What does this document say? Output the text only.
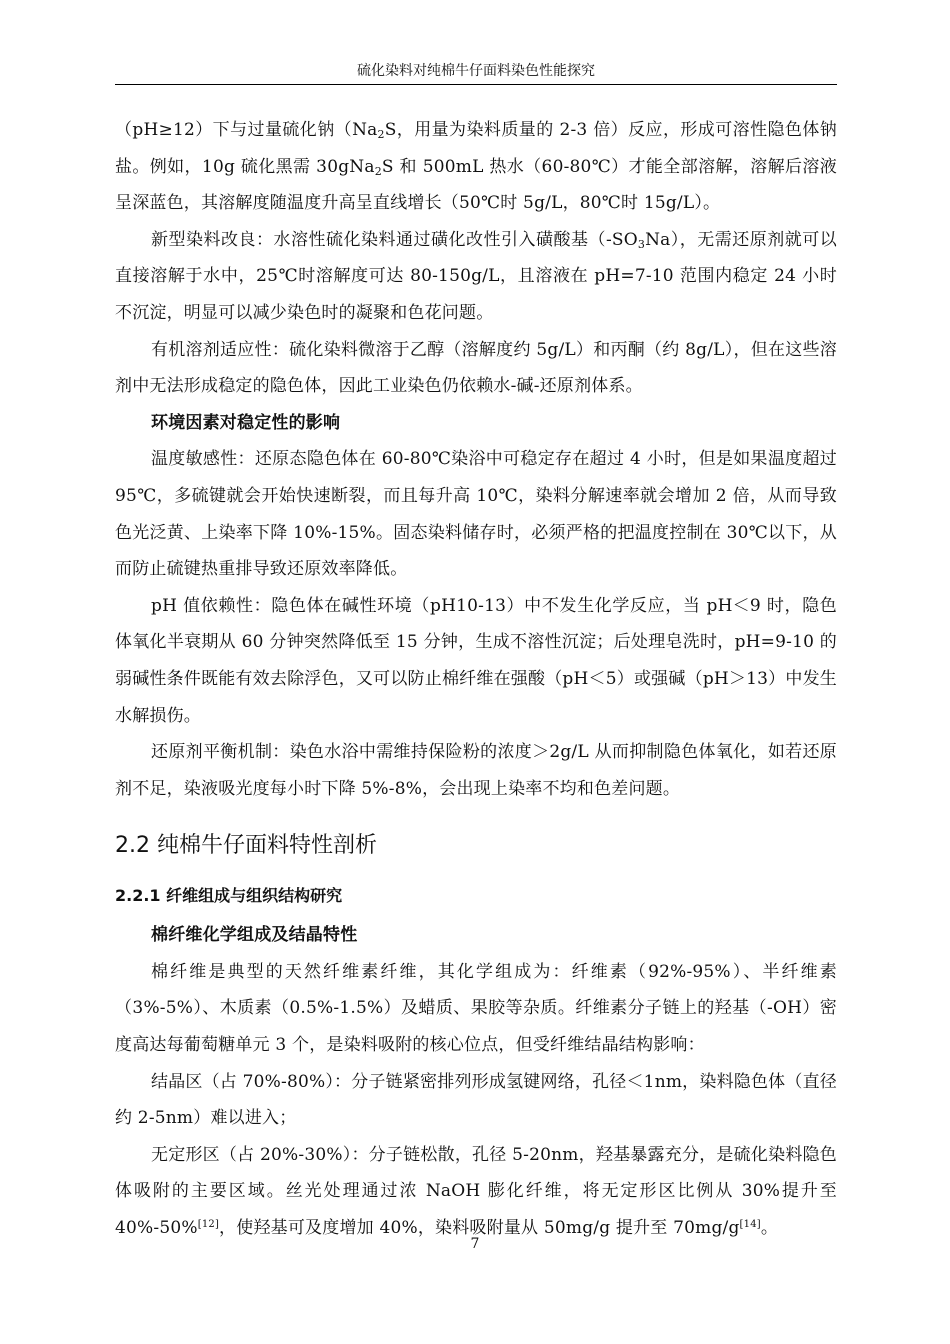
硫化染料对纯棉牛仔面料染色性能探究

（pH≥12）下与过量硫化钠（$Na_2S$，用量为染料质量的 2-3 倍）反应，形成可溶性隐色体钠盐。例如，10g 硫化黑需 30gNa$_2$S 和 500mL 热水（60-80℃）才能全部溶解，溶解后溶液呈深蓝色，其溶解度随温度升高呈直线增长（50℃时 5g/L，80℃时 15g/L）。

新型染料改良：水溶性硫化染料通过磺化改性引入磺酸基$(-SO_3Na)$，无需还原剂就可以直接溶解于水中，25℃时溶解度可达 80-150g/L，且溶液在 pH=7-10 范围内稳定 24 小时不沉淀，明显可以减少染色时的凝聚和色花问题。

有机溶剂适应性：硫化染料微溶于乙醇（溶解度约 5g/L）和丙酮（约 8g/L），但在这些溶剂中无法形成稳定的隐色体，因此工业染色仍依赖水-碱-还原剂体系。

环境因素对稳定性的影响

温度敏感性：还原态隐色体在 60-80℃染浴中可稳定存在超过 4 小时，但是如果温度超过 95℃，多硫键就会开始快速断裂，而且每升高 10℃，染料分解速率就会增加 2 倍，从而导致色光泛黄、上染率下降 10%-15%。固态染料储存时，必须严格的把温度控制在 30℃以下，从而防止硫键热重排导致还原效率降低。

pH 值依赖性：隐色体在碱性环境（pH10-13）中不发生化学反应，当 pH＜9 时，隐色体氧化半衰期从 60 分钟突然降低至 15 分钟，生成不溶性沉淀；后处理皂洗时，pH=9-10 的弱碱性条件既能有效去除浮色，又可以防止棉纤维在强酸（pH＜5）或强碱（pH＞13）中发生水解损伤。

还原剂平衡机制：染色水浴中需维持保险粉的浓度＞2g/L 从而抑制隐色体氧化，如若还原剂不足，染液吸光度每小时下降 5%-8%，会出现上染率不均和色差问题。

2.2 纯棉牛仔面料特性剖析
2.2.1 纤维组成与组织结构研究

棉纤维化学组成及结晶特性

棉纤维是典型的天然纤维素纤维，其化学组成为：纤维素（92%-95%）、半纤维素（3%-5%）、木质素（0.5%-1.5%）及蜡质、果胶等杂质。纤维素分子链上的羟基（-OH）密度高达每葡萄糖单元 3 个，是染料吸附的核心位点，但受纤维结晶结构影响：

结晶区（占 70%-80%）：分子链紧密排列形成氢键网络，孔径＜1nm，染料隐色体（直径约 2-5nm）难以进入；

无定形区（占 20%-30%）：分子链松散，孔径 5-20nm，羟基暴露充分，是硫化染料隐色体吸附的主要区域。丝光处理通过浓 NaOH 膨化纤维，将无定形区比例从 30%提升至 40%-50%[12]，使羟基可及度增加 40%，染料吸附量从 50mg/g 提升至 70mg/g[14]。

7
